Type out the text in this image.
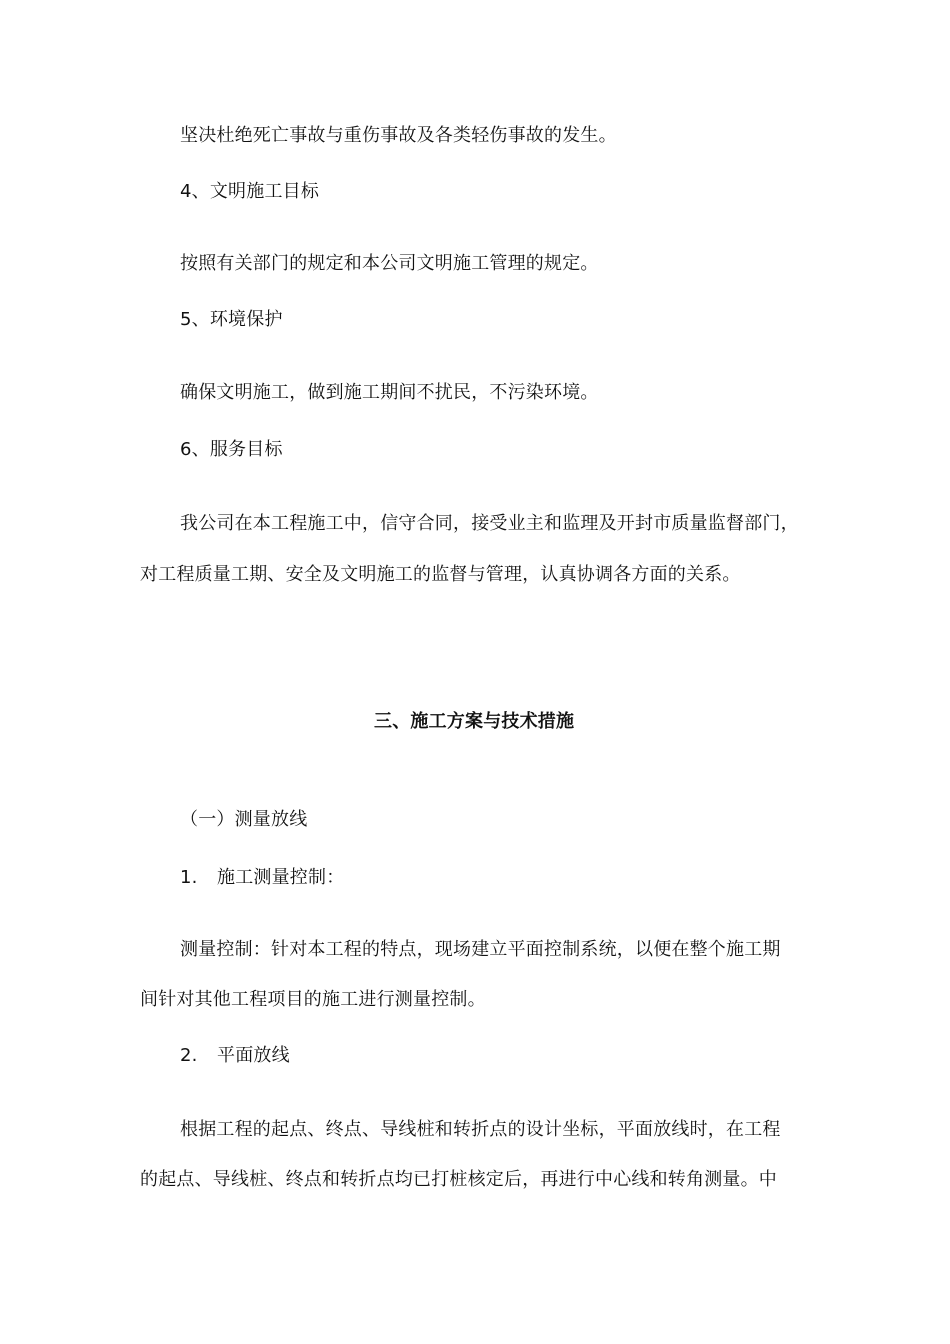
坚决杜绝死亡事故与重伤事故及各类轻伤事故的发生。
4、文明施工目标
按照有关部门的规定和本公司文明施工管理的规定。
5、环境保护
确保文明施工，做到施工期间不扰民，不污染环境。
6、服务目标
我公司在本工程施工中，信守合同，接受业主和监理及开封市质量监督部门，
对工程质量工期、安全及文明施工的监督与管理，认真协调各方面的关系。
三、施工方案与技术措施
（一）测量放线
1. 施工测量控制：
测量控制：针对本工程的特点，现场建立平面控制系统，以便在整个施工期
间针对其他工程项目的施工进行测量控制。
2. 平面放线
根据工程的起点、终点、导线桩和转折点的设计坐标，平面放线时，在工程
的起点、导线桩、终点和转折点均已打桩核定后，再进行中心线和转角测量。中
